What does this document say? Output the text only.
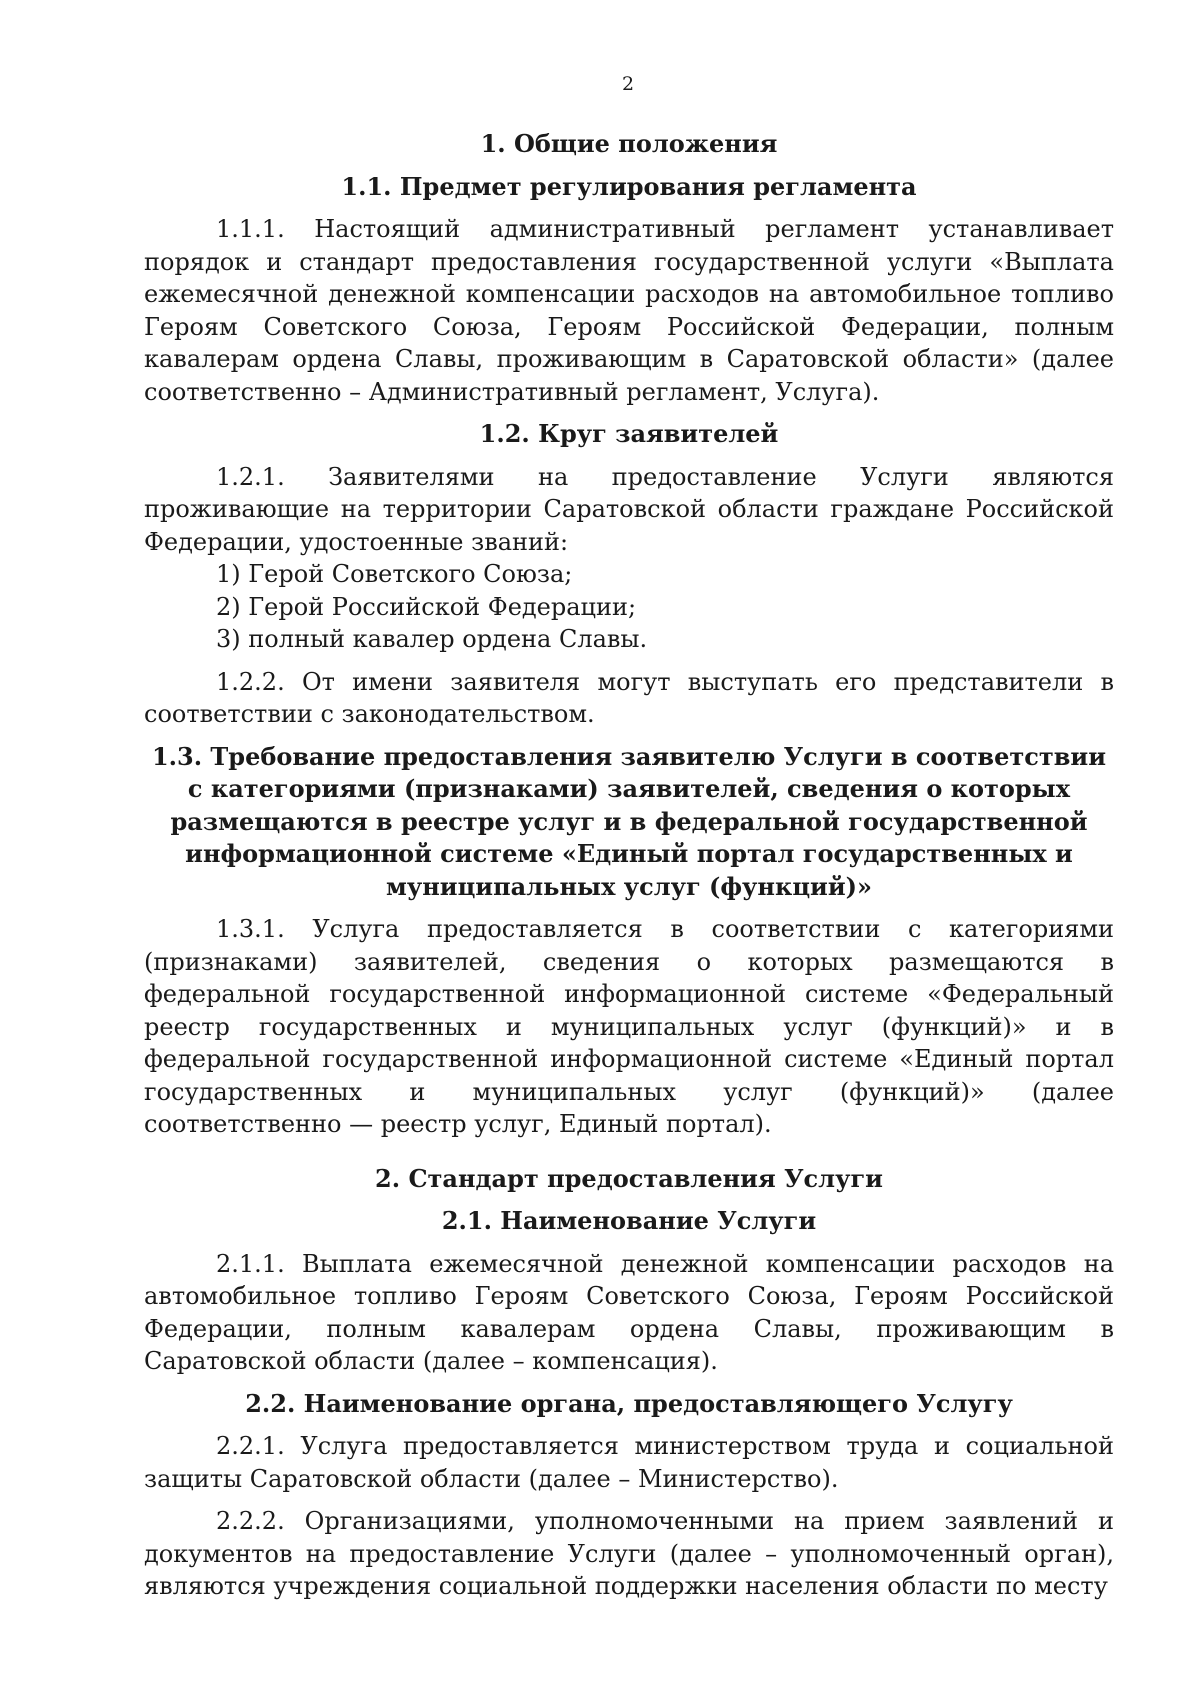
2
1. Общие положения
1.1. Предмет регулирования регламента

1.1.1. Настоящий административный регламент устанавливает порядок и стандарт предоставления государственной услуги «Выплата ежемесячной денежной компенсации расходов на автомобильное топливо Героям Советского Союза, Героям Российской Федерации, полным кавалерам ордена Славы, проживающим в Саратовской области» (далее соответственно – Административный регламент, Услуга).

1.2. Круг заявителей

1.2.1. Заявителями на предоставление Услуги являются проживающие на территории Саратовской области граждане Российской Федерации, удостоенные званий:

1) Герой Советского Союза;
2) Герой Российской Федерации;
3) полный кавалер ордена Славы.

1.2.2. От имени заявителя могут выступать его представители в соответствии с законодательством.

1.3. Требование предоставления заявителю Услуги в соответствии с категориями (признаками) заявителей, сведения о которых размещаются в реестре услуг и в федеральной государственной информационной системе «Единый портал государственных и муниципальных услуг (функций)»

1.3.1. Услуга предоставляется в соответствии с категориями (признаками) заявителей, сведения о которых размещаются в федеральной государственной информационной системе «Федеральный реестр государственных и муниципальных услуг (функций)» и в федеральной государственной информационной системе «Единый портал государственных и муниципальных услуг (функций)» (далее соответственно — реестр услуг, Единый портал).

2. Стандарт предоставления Услуги
2.1. Наименование Услуги

2.1.1. Выплата ежемесячной денежной компенсации расходов на автомобильное топливо Героям Советского Союза, Героям Российской Федерации, полным кавалерам ордена Славы, проживающим в Саратовской области (далее – компенсация).

2.2. Наименование органа, предоставляющего Услугу

2.2.1. Услуга предоставляется министерством труда и социальной защиты Саратовской области (далее – Министерство).

2.2.2. Организациями, уполномоченными на прием заявлений и документов на предоставление Услуги (далее – уполномоченный орган), являются учреждения социальной поддержки населения области по месту
